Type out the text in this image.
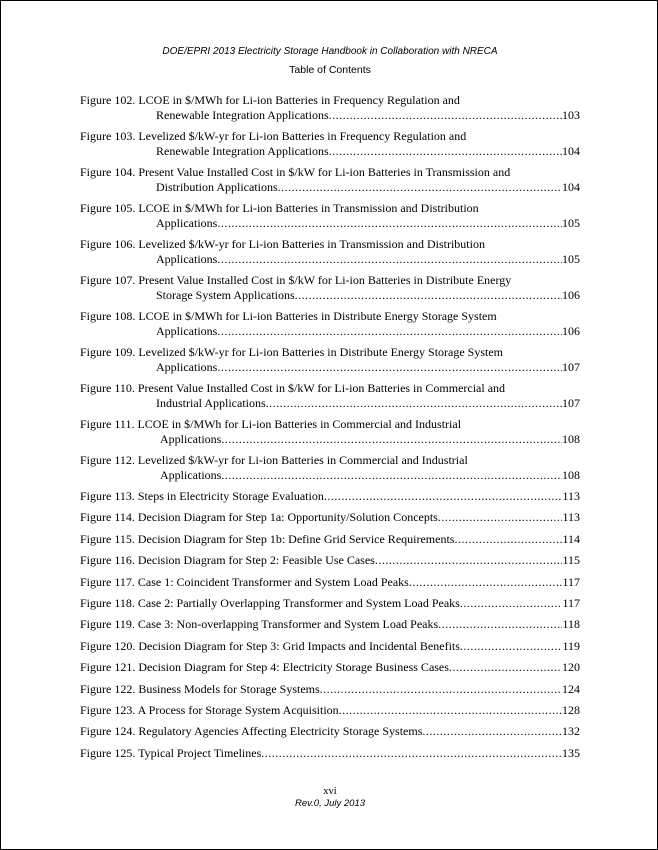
DOE/EPRI 2013 Electricity Storage Handbook in Collaboration with NRECA
Table of Contents
Figure 102. LCOE in $/MWh for Li-ion Batteries in Frequency Regulation and
Renewable Integration Applications .....	103
Figure 103. Levelized $/kW-yr for Li-ion Batteries in Frequency Regulation and
Renewable Integration Applications .....	104
Figure 104. Present Value Installed Cost in $/kW for Li-ion Batteries in Transmission and
Distribution Applications .....	104
Figure 105. LCOE in $/MWh for Li-ion Batteries in Transmission and Distribution
Applications .....	105
Figure 106. Levelized $/kW-yr for Li-ion Batteries in Transmission and Distribution
Applications .....	105
Figure 107. Present Value Installed Cost in $/kW for Li-ion Batteries in Distribute Energy
Storage System Applications .....	106
Figure 108. LCOE in $/MWh for Li-ion Batteries in Distribute Energy Storage System
Applications .....	106
Figure 109. Levelized $/kW-yr for Li-ion Batteries in Distribute Energy Storage System
Applications .....	107
Figure 110. Present Value Installed Cost in $/kW for Li-ion Batteries in Commercial and
Industrial Applications .....	107
Figure 111. LCOE in $/MWh for Li-ion Batteries in Commercial and Industrial
Applications .....	108
Figure 112. Levelized $/kW-yr for Li-ion Batteries in Commercial and Industrial
Applications .....	108
Figure 113. Steps in Electricity Storage Evaluation .....	113
Figure 114. Decision Diagram for Step 1a: Opportunity/Solution Concepts .....	113
Figure 115. Decision Diagram for Step 1b: Define Grid Service Requirements .....	114
Figure 116. Decision Diagram for Step 2: Feasible Use Cases .....	115
Figure 117. Case 1: Coincident Transformer and System Load Peaks .....	117
Figure 118. Case 2: Partially Overlapping Transformer and System Load Peaks .....	117
Figure 119. Case 3: Non-overlapping Transformer and System Load Peaks .....	118
Figure 120. Decision Diagram for Step 3: Grid Impacts and Incidental Benefits .....	119
Figure 121. Decision Diagram for Step 4: Electricity Storage Business Cases .....	120
Figure 122. Business Models for Storage Systems .....	124
Figure 123. A Process for Storage System Acquisition .....	128
Figure 124. Regulatory Agencies Affecting Electricity Storage Systems .....	132
Figure 125. Typical Project Timelines .....	135
xvi
Rev.0, July 2013
